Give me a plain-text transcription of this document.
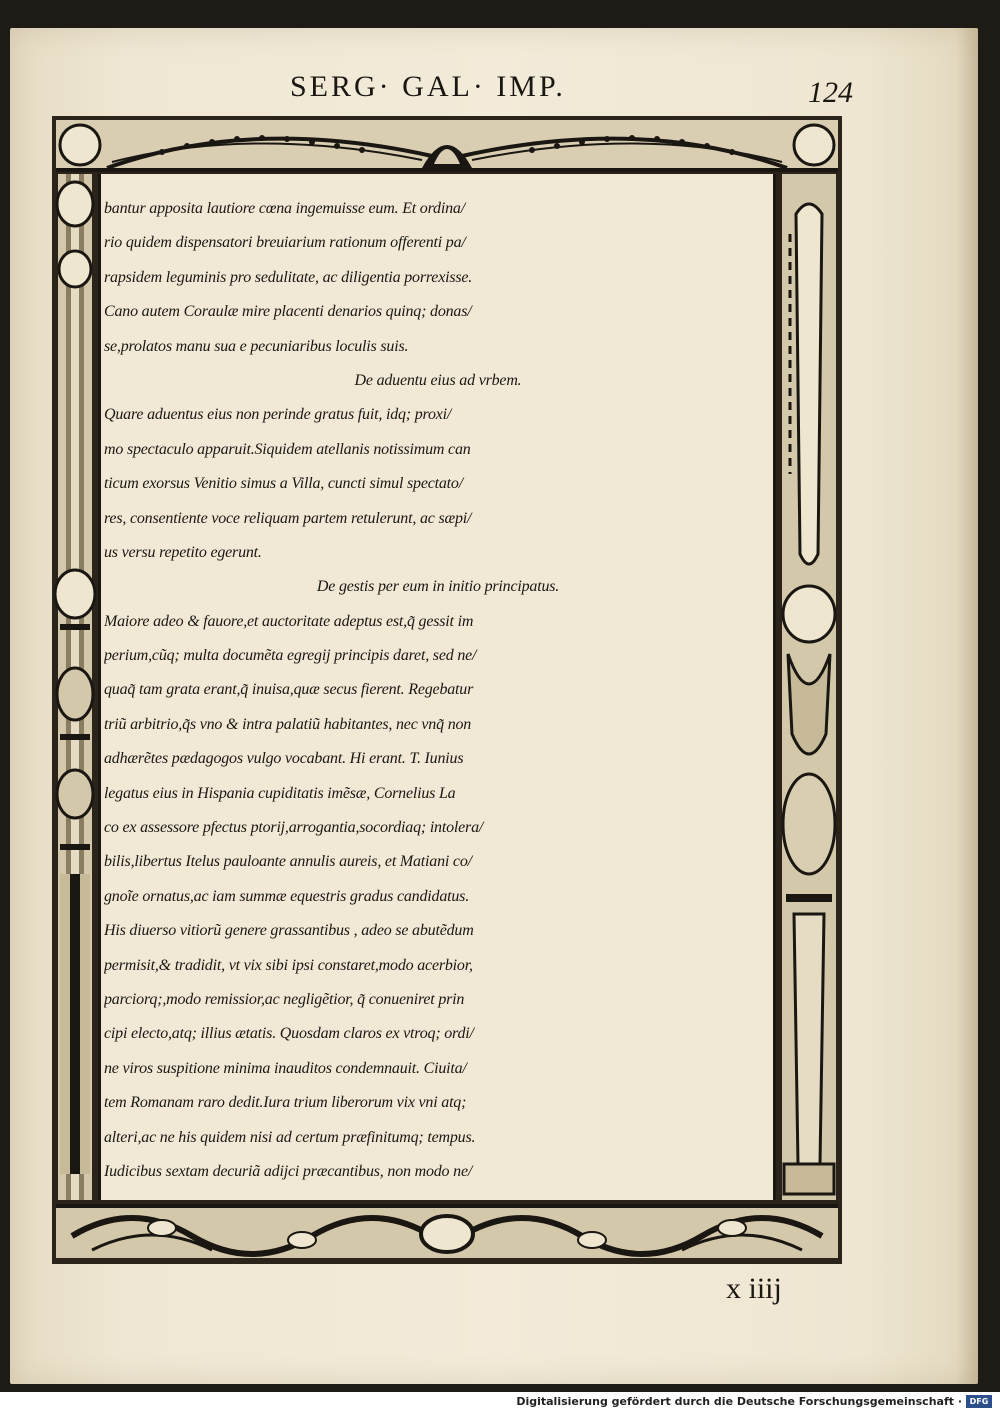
SERG· GAL· IMP.	124

bantur apposita lautiore cœna ingemuisse eum. Et ordina/
rio quidem dispensatori breuiarium rationum offerenti pa/
rapsidem leguminis pro sedulitate, ac diligentia porrexisse.
Cano autem Coraulæ mire placenti denarios quinq; donas/
se,prolatos manu sua e pecuniaribus loculis suis.
De aduentu eius ad vrbem.
Quare aduentus eius non perinde gratus fuit, idq; proxi/
mo spectaculo apparuit.Siquidem atellanis notissimum can
ticum exorsus Venitio simus a Villa, cuncti simul spectato/
res, consentiente voce reliquam partem retulerunt, ac sæpi/
us versu repetito egerunt.
De gestis per eum in initio principatus.
Maiore adeo & fauore,et auctoritate adeptus est,q̃ gessit im
perium,cũq; multa documẽta egregij principis daret, sed ne/
quaq̃ tam grata erant,q̃ inuisa,quæ secus fierent. Regebatur
triũ arbitrio,q̃s vno & intra palatiũ habitantes, nec vnq̃ non
adhærẽtes pædagogos vulgo vocabant. Hi erant. T. Iunius
legatus eius in Hispania cupiditatis imẽsæ, Cornelius La
co ex assessore pfectus ptorij,arrogantia,socordiaq; intolera/
bilis,libertus Itelus pauloante annulis aureis, et Matiani co/
gnoĩe ornatus,ac iam summæ equestris gradus candidatus.
His diuerso vitiorũ genere grassantibus , adeo se abutẽdum
permisit,& tradidit, vt vix sibi ipsi constaret,modo acerbior,
parciorq;,modo remissior,ac negligẽtior, q̃ conueniret prin
cipi electo,atq; illius ætatis. Quosdam claros ex vtroq; ordi/
ne viros suspitione minima inauditos condemnauit. Ciuita/
tem Romanam raro dedit.Iura trium liberorum vix vni atq;
alteri,ac ne his quidem nisi ad certum præfinitumq; tempus.
Iudicibus sextam decuriã adijci præcantibus, non modo ne/

x iiij

Digitalisierung gefördert durch die Deutsche Forschungsgemeinschaft · DFG
